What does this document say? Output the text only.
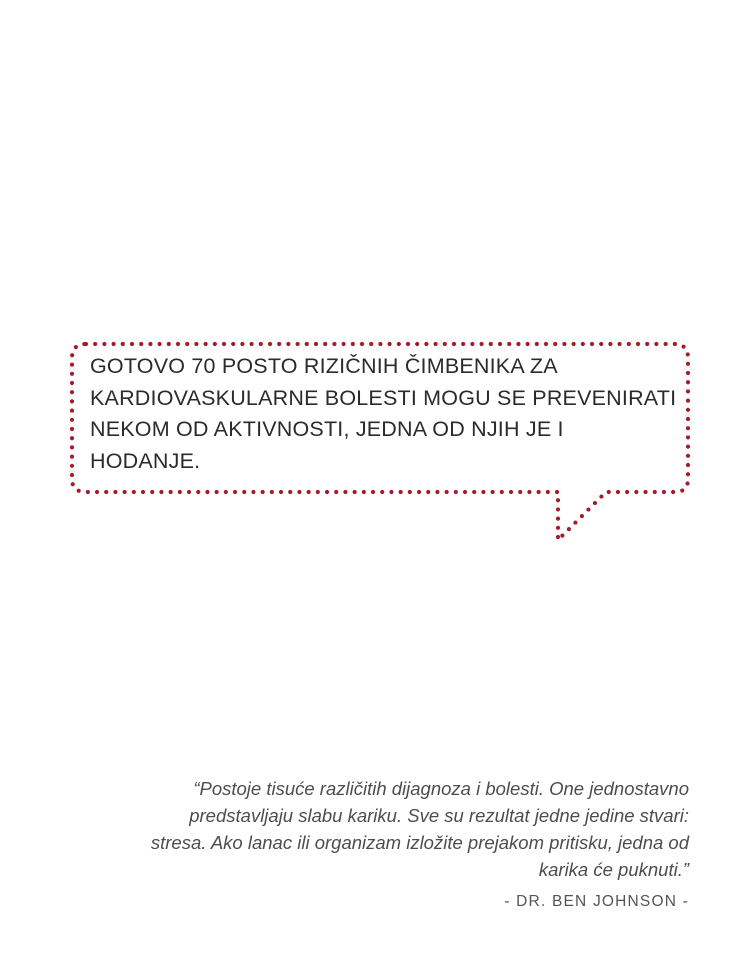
GOTOVO 70 POSTO RIZIČNIH ČIMBENIKA ZA KARDIOVASKULARNE BOLESTI MOGU SE PREVENIRATI NEKOM OD AKTIVNOSTI, JEDNA OD NJIH JE I HODANJE.

“Postoje tisuće različitih dijagnoza i bolesti. One jednostavno predstavljaju slabu kariku. Sve su rezultat jedne jedine stvari: stresa. Ako lanac ili organizam izložite prejakom pritisku, jedna od karika će puknuti.”

- DR. BEN JOHNSON -
